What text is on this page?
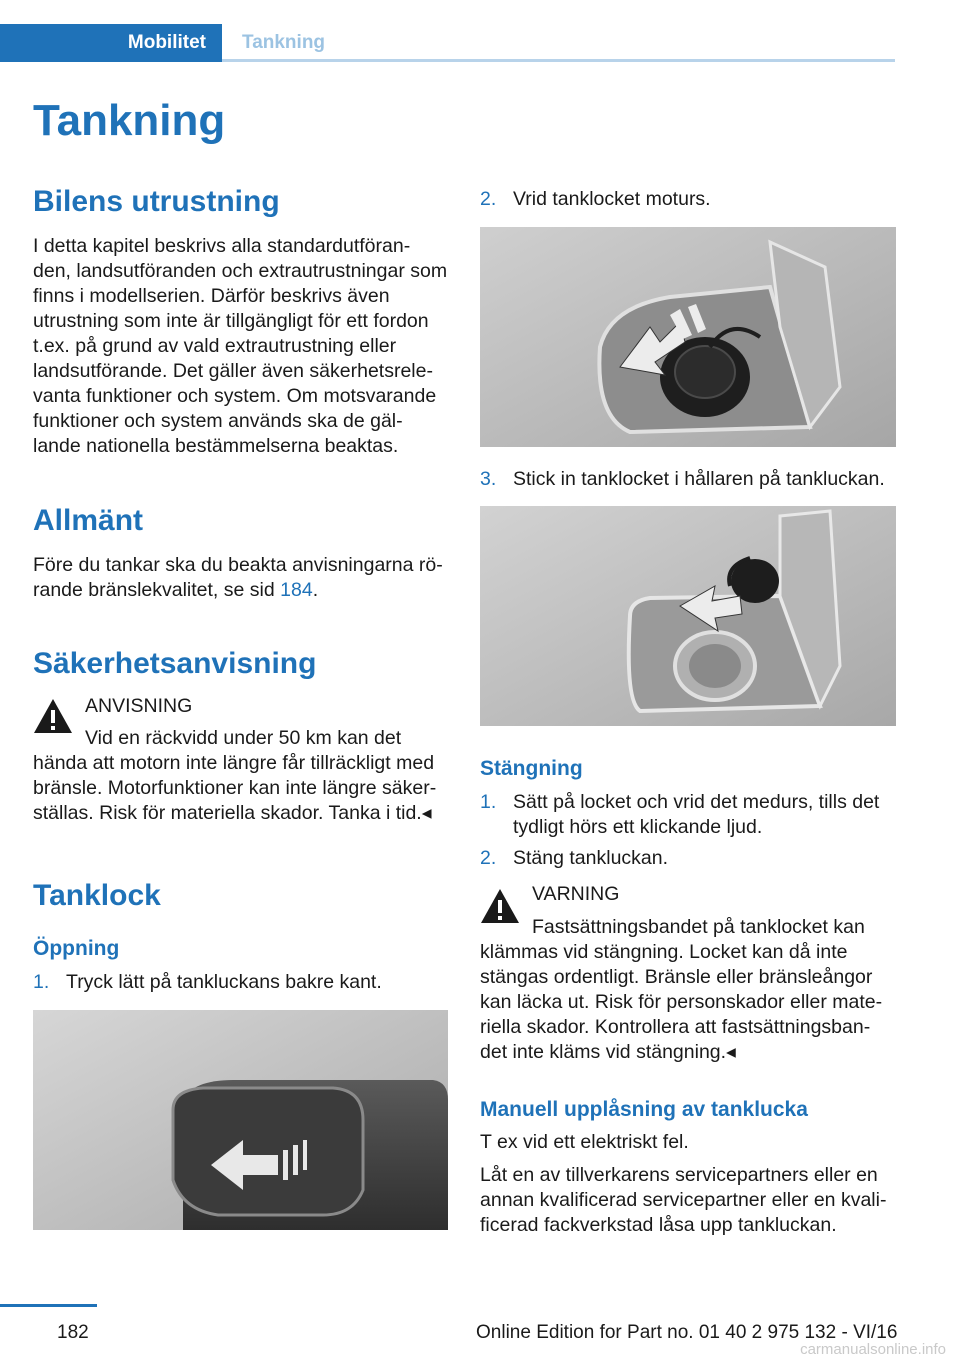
Mobilitet	Tankning
Tankning
Bilens utrustning

I detta kapitel beskrivs alla standardutföran-den, landsutföranden och extrautrustningar som finns i modellserien. Därför beskrivs även utrustning som inte är tillgängligt för ett fordon t.ex. på grund av vald extrautrustning eller landsutförande. Det gäller även säkerhetsrele-vanta funktioner och system. Om motsvarande funktioner och system används ska de gäl-lande nationella bestämmelserna beaktas.

Allmänt

Före du tankar ska du beakta anvisningarna rö-rande bränslekvalitet, se sid 184.

Säkerhetsanvisning
ANVISNING
Vid en räckvidd under 50 km kan det hända att motorn inte längre får tillräckligt med bränsle. Motorfunktioner kan inte längre säker-ställas. Risk för materiella skador. Tanka i tid.◂
Tanklock
Öppning
1. Tryck lätt på tankluckans bakre kant.
2. Vrid tanklocket moturs.
3. Stick in tanklocket i hållaren på tankluckan.
Stängning
1. Sätt på locket och vrid det medurs, tills det tydligt hörs ett klickande ljud.
2. Stäng tankluckan.
VARNING
Fastsättningsbandet på tanklocket kan klämmas vid stängning. Locket kan då inte stängas ordentligt. Bränsle eller bränsleångor kan läcka ut. Risk för personskador eller mate-riella skador. Kontrollera att fastsättningsban-det inte kläms vid stängning.◂
Manuell upplåsning av tanklucka

T ex vid ett elektriskt fel.

Låt en av tillverkarens servicepartners eller en annan kvalificerad servicepartner eller en kvali-ficerad fackverkstad låsa upp tankluckan.

182	Online Edition for Part no. 01 40 2 975 132 - VI/16
carmanualsonline.info
